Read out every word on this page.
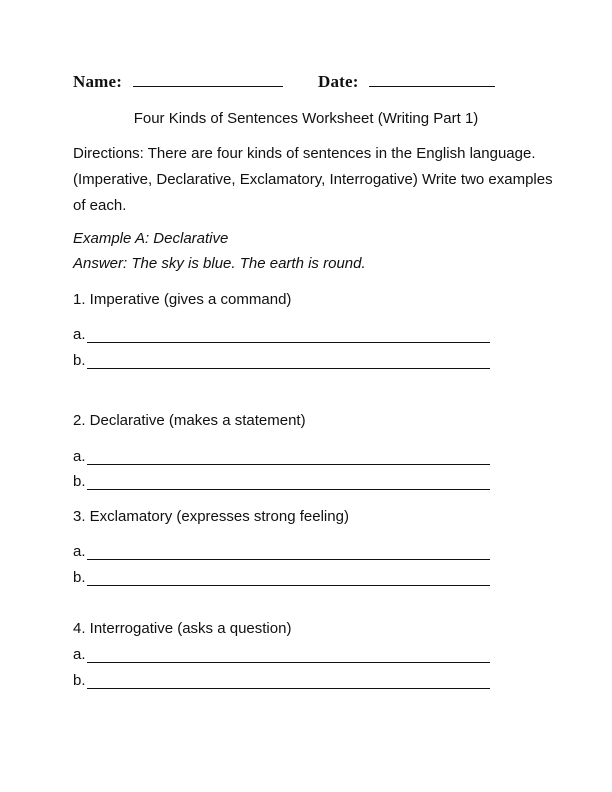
Name:	Date:
Four Kinds of Sentences Worksheet (Writing Part 1)
Directions: There are four kinds of sentences in the English language. (Imperative, Declarative, Exclamatory, Interrogative) Write two examples of each.
Example A: Declarative
Answer: The sky is blue. The earth is round.
1. Imperative (gives a command)
a.
b.
2. Declarative (makes a statement)
a.
b.
3. Exclamatory (expresses strong feeling)
a.
b.
4. Interrogative (asks a question)
a.
b.
